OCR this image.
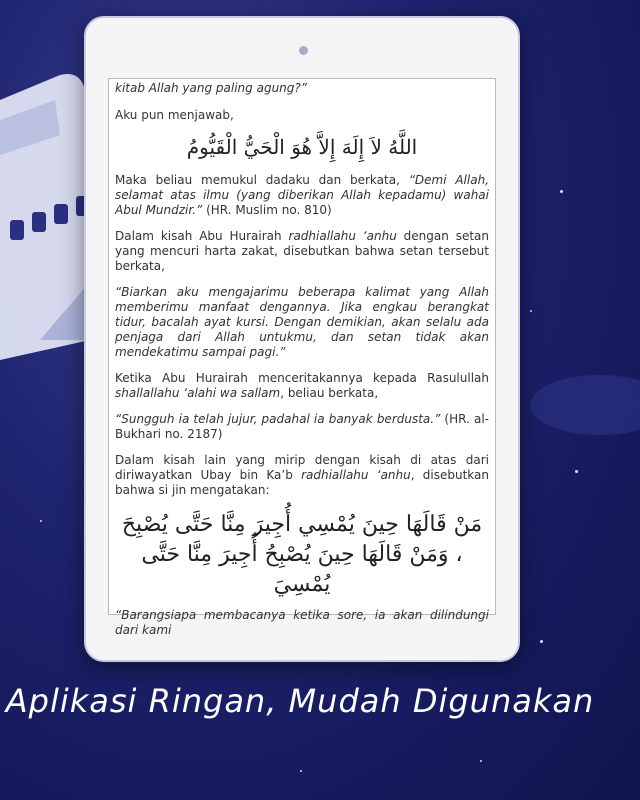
kitab Allah yang paling agung?”

Aku pun menjawab,

اللَّهُ لاَ إِلَهَ إِلاَّ هُوَ الْحَيُّ الْقَيُّومُ

Maka beliau memukul dadaku dan berkata, “Demi Allah, selamat atas ilmu (yang diberikan Allah kepadamu) wahai Abul Mundzir.” (HR. Muslim no. 810)

Dalam kisah Abu Hurairah radhiallahu ‘anhu dengan setan yang mencuri harta zakat, disebutkan bahwa setan tersebut berkata,

“Biarkan aku mengajarimu beberapa kalimat yang Allah memberimu manfaat dengannya. Jika engkau berangkat tidur, bacalah ayat kursi. Dengan demikian, akan selalu ada penjaga dari Allah untukmu, dan setan tidak akan mendekatimu sampai pagi.”

Ketika Abu Hurairah menceritakannya kepada Rasulullah shallallahu ‘alahi wa sallam, beliau berkata,

“Sungguh ia telah jujur, padahal ia banyak berdusta.” (HR. al-Bukhari no. 2187)

Dalam kisah lain yang mirip dengan kisah di atas dari diriwayatkan Ubay bin Ka’b radhiallahu ‘anhu, disebutkan bahwa si jin mengatakan:

مَنْ قَالَهَا حِينَ يُمْسِي أُجِيرَ مِنَّا حَتَّى يُصْبِحَ ، وَمَنْ قَالَهَا حِينَ يُصْبِحُ أُجِيرَ مِنَّا حَتَّى يُمْسِيَ

“Barangsiapa membacanya ketika sore, ia akan dilindungi dari kami

Aplikasi Ringan, Mudah Digunakan
